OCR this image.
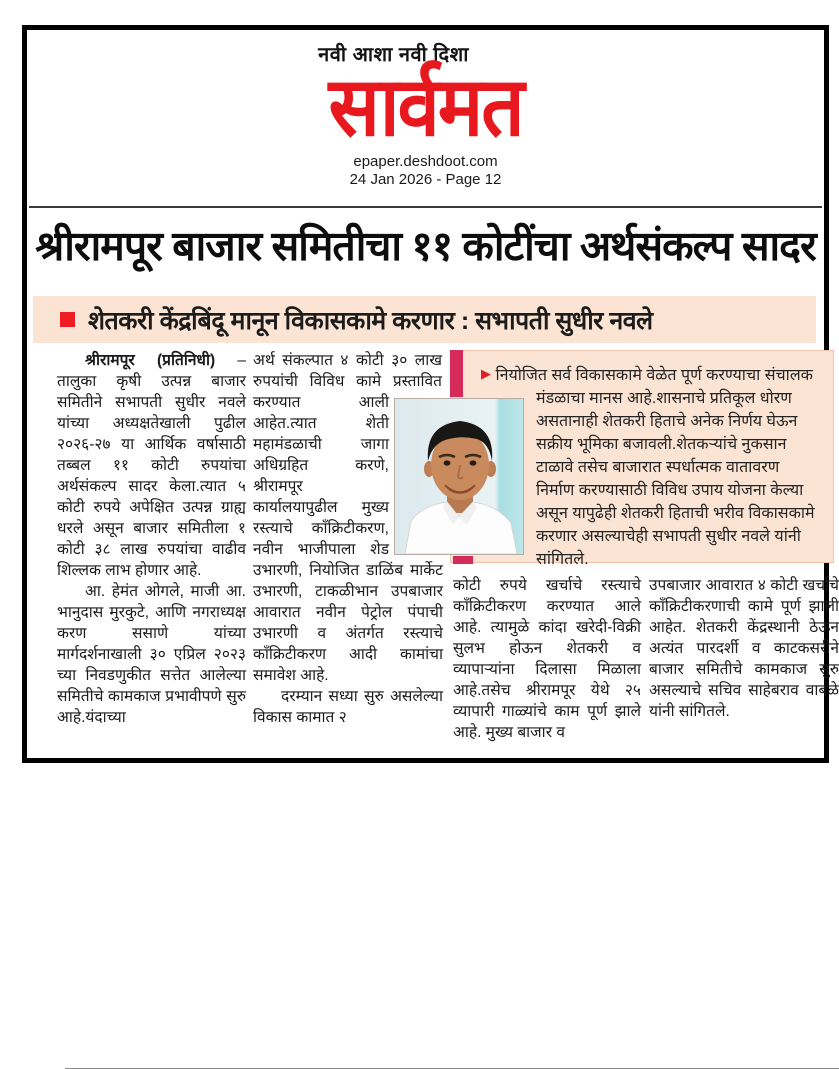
नवी आशा नवी दिशा
सार्वमत
epaper.deshdoot.com
24 Jan 2026 - Page 12
श्रीरामपूर बाजार समितीचा ११ कोटींचा अर्थसंकल्प सादर
शेतकरी केंद्रबिंदू मानून विकासकामे करणार : सभापती सुधीर नवले

श्रीरामपूर (प्रतिनिधी) – तालुका कृषी उत्पन्न बाजार समितीने सभापती सुधीर नवले यांच्या अध्यक्षतेखाली पुढील २०२६-२७ या आर्थिक वर्षासाठी तब्बल ११ कोटी रुपयांचा अर्थसंकल्प सादर केला.त्यात ५ कोटी रुपये अपेक्षित उत्पन्न ग्राह्य धरले असून बाजार समितीला १ कोटी ३८ लाख रुपयांचा वाढीव शिल्लक लाभ होणार आहे.

आ. हेमंत ओगले, माजी आ. भानुदास मुरकुटे, आणि नगराध्यक्ष करण ससाणे यांच्या मार्गदर्शनाखाली ३० एप्रिल २०२३ च्या निवडणुकीत सत्तेत आलेल्या समितीचे कामकाज प्रभावीपणे सुरु आहे.यंदाच्या

अर्थ संकल्पात ४ कोटी ३० लाख रुपयांची विविध कामे प्रस्तावित करण्यात आली आहेत.त्यात शेती महामंडळाची जागा अधिग्रहित करणे, श्रीरामपूर कार्यालयापुढील मुख्य रस्त्याचे काँक्रिटीकरण, नवीन भाजीपाला शेड उभारणी, नियोजित डाळिंब मार्केट उभारणी, टाकळीभान उपबाजार आवारात नवीन पेट्रोल पंपाची उभारणी व अंतर्गत रस्त्याचे काँक्रिटीकरण आदी कामांचा समावेश आहे.

दरम्यान सध्या सुरु असलेल्या विकास कामात २

कोटी रुपये खर्चाचे रस्त्याचे काँक्रिटीकरण करण्यात आले आहे. त्यामुळे कांदा खरेदी-विक्री सुलभ होऊन शेतकरी व व्यापाऱ्यांना दिलासा मिळाला आहे.तसेच श्रीरामपूर येथे २५ व्यापारी गाळ्यांचे काम पूर्ण झाले आहे. मुख्य बाजार व

उपबाजार आवारात ४ कोटी खर्चाचे काँक्रिटीकरणाची कामे पूर्ण झाली आहेत. शेतकरी केंद्रस्थानी ठेऊन अत्यंत पारदर्शी व काटकसरीने बाजार समितीचे कामकाज सुरु असल्याचे सचिव साहेबराव वाबळे यांनी सांगितले.

▶ नियोजित सर्व विकासकामे वेळेत पूर्ण करण्याचा संचालक मंडळाचा मानस आहे.शासनाचे प्रतिकूल धोरण असतानाही शेतकरी हिताचे अनेक निर्णय घेऊन सक्रीय भूमिका बजावली.शेतकऱ्यांचे नुकसान टाळावे तसेच बाजारात स्पर्धात्मक वातावरण निर्माण करण्यासाठी विविध उपाय योजना केल्या असून यापुढेही शेतकरी हिताची भरीव विकासकामे करणार असल्याचेही सभापती सुधीर नवले यांनी सांगितले.
